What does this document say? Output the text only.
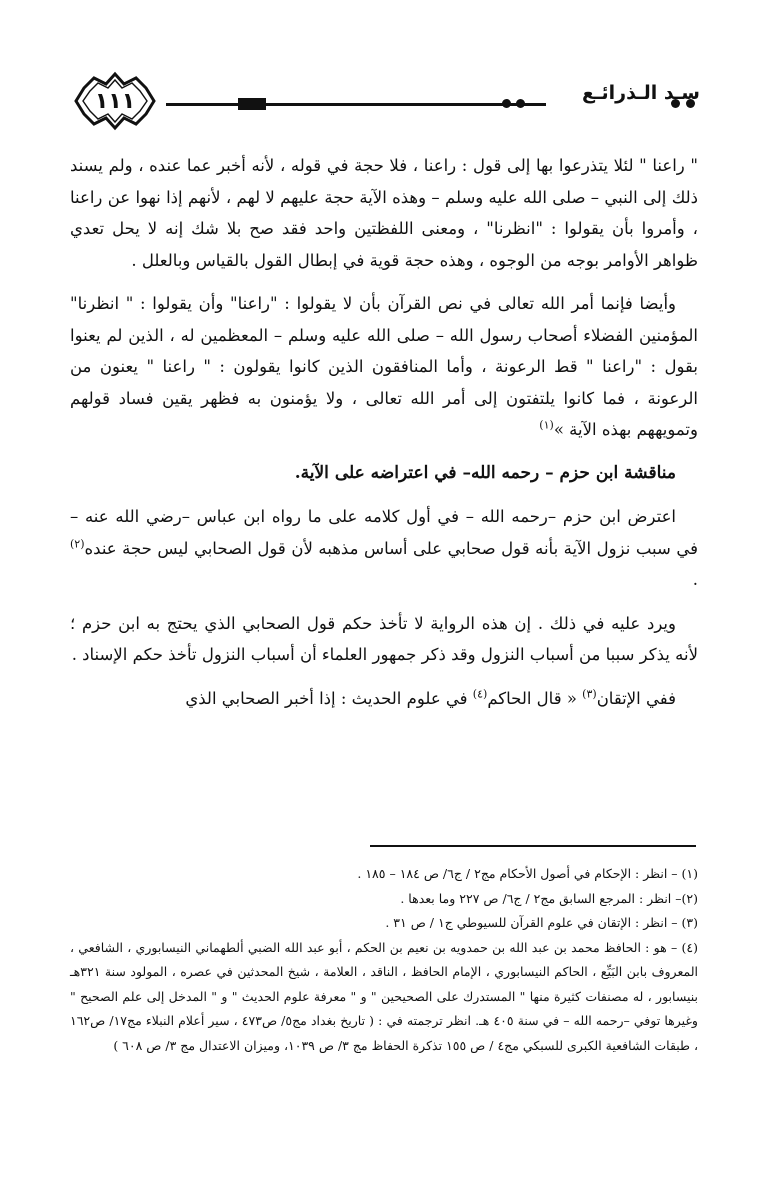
١١١	سـد الـذرائـع

" راعنا " لئلا يتذرعوا بها إلى قول : راعنا ، فلا حجة في قوله ، لأنه أخبر عما عنده ، ولم يسند ذلك إلى النبي – صلى الله عليه وسلم – وهذه الآية حجة عليهم لا لهم ، لأنهم إذا نهوا عن راعنا ، وأمروا بأن يقولوا : "انظرنا" ، ومعنى اللفظتين واحد فقد صح بلا شك إنه لا يحل تعدي ظواهر الأوامر بوجه من الوجوه ، وهذه حجة قوية في إبطال القول بالقياس وبالعلل .

وأيضا فإنما أمر الله تعالى في نص القرآن بأن لا يقولوا : "راعنا" وأن يقولوا : " انظرنا" المؤمنين الفضلاء أصحاب رسول الله – صلى الله عليه وسلم – المعظمين له ، الذين لم يعنوا بقول : "راعنا " قط الرعونة ، وأما المنافقون الذين كانوا يقولون : " راعنا " يعنون من الرعونة ، فما كانوا يلتفتون إلى أمر الله تعالى ، ولا يؤمنون به فظهر يقين فساد قولهم وتمويههم بهذه الآية »$^{(١)}$

مناقشة ابن حزم – رحمه الله– في اعتراضه على الآية.

اعترض ابن حزم –رحمه الله – في أول كلامه على ما رواه ابن عباس –رضي الله عنه – في سبب نزول الآية بأنه قول صحابي على أساس مذهبه لأن قول الصحابي ليس حجة عنده$^{(٢)}$ .

ويرد عليه في ذلك . إن هذه الرواية لا تأخذ حكم قول الصحابي الذي يحتج به ابن حزم ؛ لأنه يذكر سببا من أسباب النزول وقد ذكر جمهور العلماء أن أسباب النزول تأخذ حكم الإسناد .

ففي الإتقان$^{(٣)}$ « قال الحاكم$^{(٤)}$ في علوم الحديث : إذا أخبر الصحابي الذي

(١) – انظر : الإحكام في أصول الأحكام مج٢ / ج٦/ ص ١٨٤ – ١٨٥ .

(٢)– انظر : المرجع السابق مج٢ / ج٦/ ص ٢٢٧ وما بعدها .

(٣) – انظر : الإتقان في علوم القرآن للسيوطي ج١ / ص ٣١ .

(٤) – هو : الحافظ محمد بن عبد الله بن حمدويه بن نعيم بن الحكم ، أبو عبد الله الضبي ألطهماني النيسابوري ، الشافعي ، المعروف بابن البَيِّع ، الحاكم النيسابوري ، الإمام الحافظ ، الناقد ، العلامة ، شيخ المحدثين في عصره ، المولود سنة ٣٢١هـ بنيسابور ، له مصنفات كثيرة منها " المستدرك على الصحيحين " و " معرفة علوم الحديث " و " المدخل إلى علم الصحيح " وغيرها توفي –رحمه الله – في سنة ٤٠٥ هـ. انظر ترجمته في : ( تاريخ بغداد مج٥/ ص٤٧٣ ، سير أعلام النبلاء مج١٧/ ص١٦٢ ، طبقات الشافعية الكبرى للسبكي مج٤ / ص ١٥٥ تذكرة الحفاظ مج ٣/ ص ١٠٣٩، وميزان الاعتدال مج ٣/ ص ٦٠٨ )
